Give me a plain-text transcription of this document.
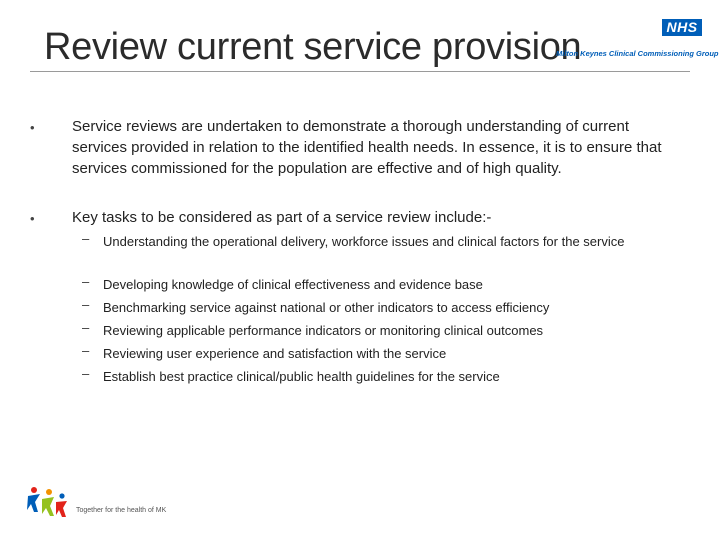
Review current service provision	NHS
Milton Keynes Clinical Commissioning Group
• Service reviews are undertaken to demonstrate a thorough understanding of current services provided in relation to the identified health needs. In essence, it is to ensure that services commissioned for the population are effective and of high quality.
• Key tasks to be considered as part of a service review include:-
– Understanding the operational delivery, workforce issues and clinical factors for the service
– Developing knowledge of clinical effectiveness and evidence base
– Benchmarking service against national or other indicators to access efficiency
– Reviewing applicable performance indicators or monitoring clinical outcomes
– Reviewing user experience and satisfaction with the service
– Establish best practice clinical/public health guidelines for the service
Together for the health of MK
